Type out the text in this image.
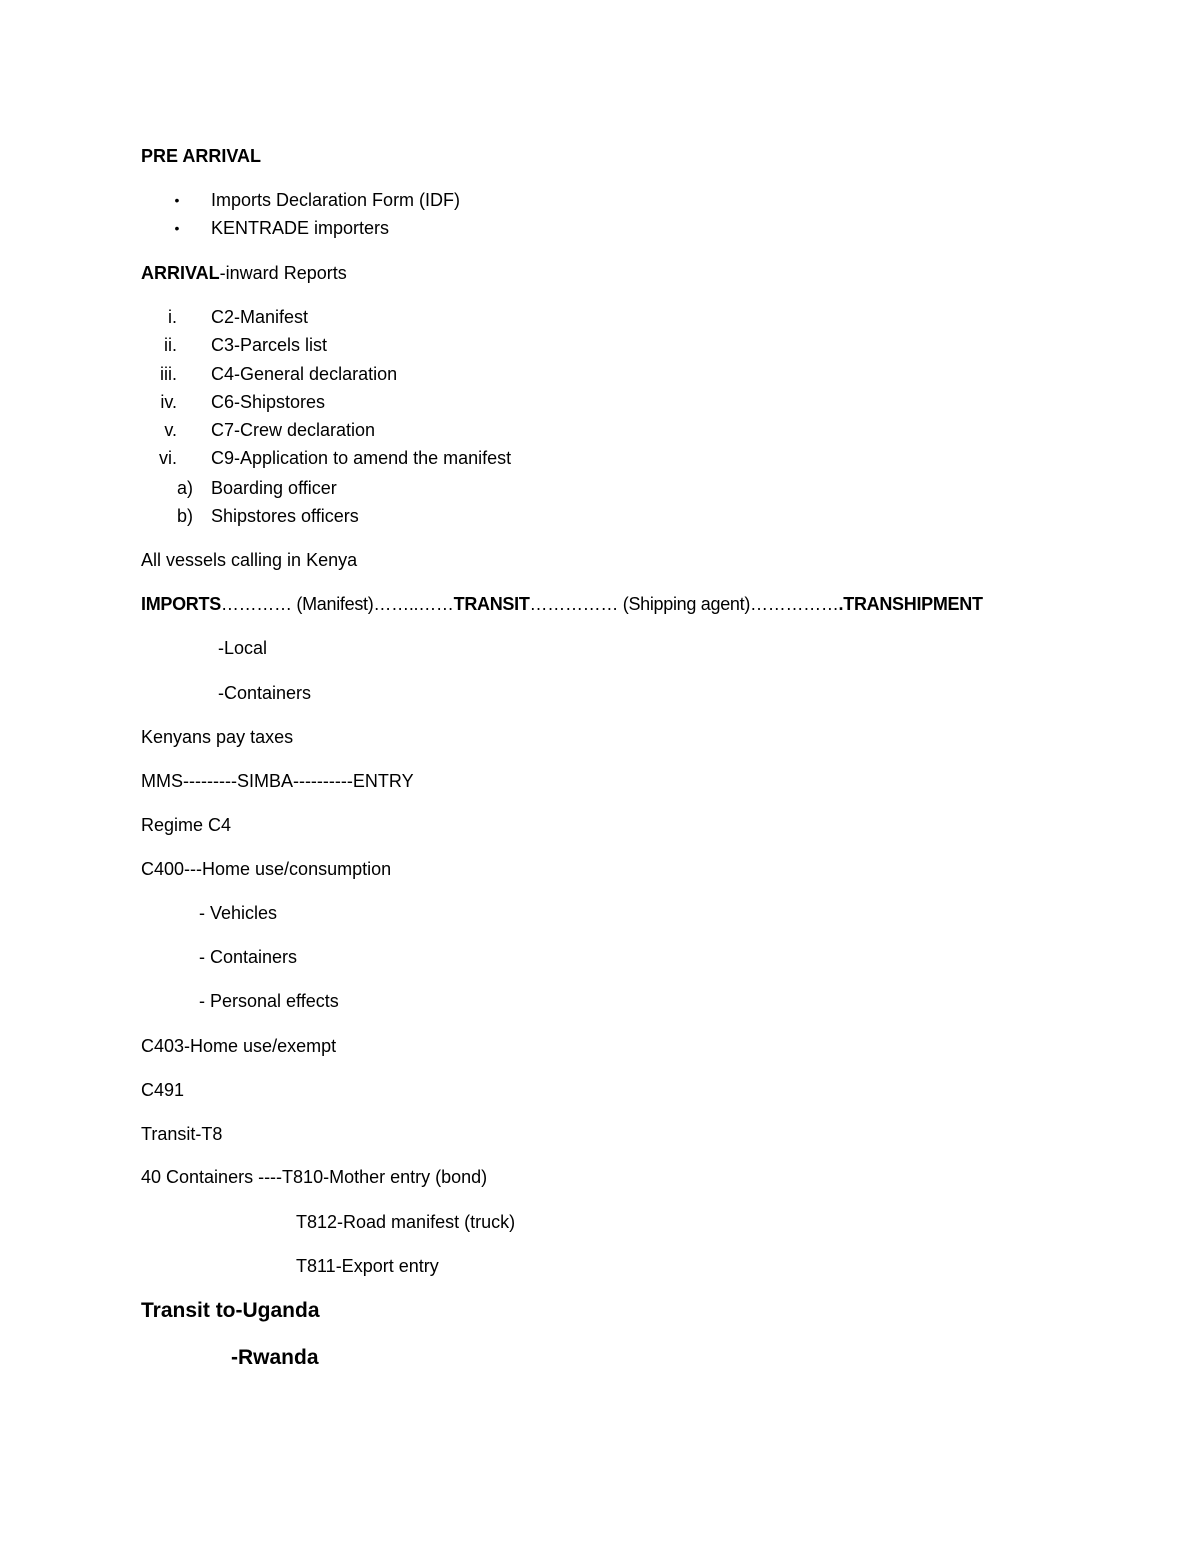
PRE ARRIVAL
• Imports Declaration Form (IDF)
• KENTRADE importers
ARRIVAL-inward Reports
i. C2-Manifest
ii. C3-Parcels list
iii. C4-General declaration
iv. C6-Shipstores
v. C7-Crew declaration
vi. C9-Application to amend the manifest
a) Boarding officer
b) Shipstores officers
All vessels calling in Kenya
IMPORTS………… (Manifest)……..……TRANSIT…………… (Shipping agent)…………….TRANSHIPMENT
-Local
-Containers
Kenyans pay taxes
MMS---------SIMBA----------ENTRY
Regime C4
C400---Home use/consumption
- Vehicles
- Containers
- Personal effects
C403-Home use/exempt
C491
Transit-T8
40 Containers ----T810-Mother entry (bond)
T812-Road manifest (truck)
T811-Export entry
Transit to-Uganda
-Rwanda
